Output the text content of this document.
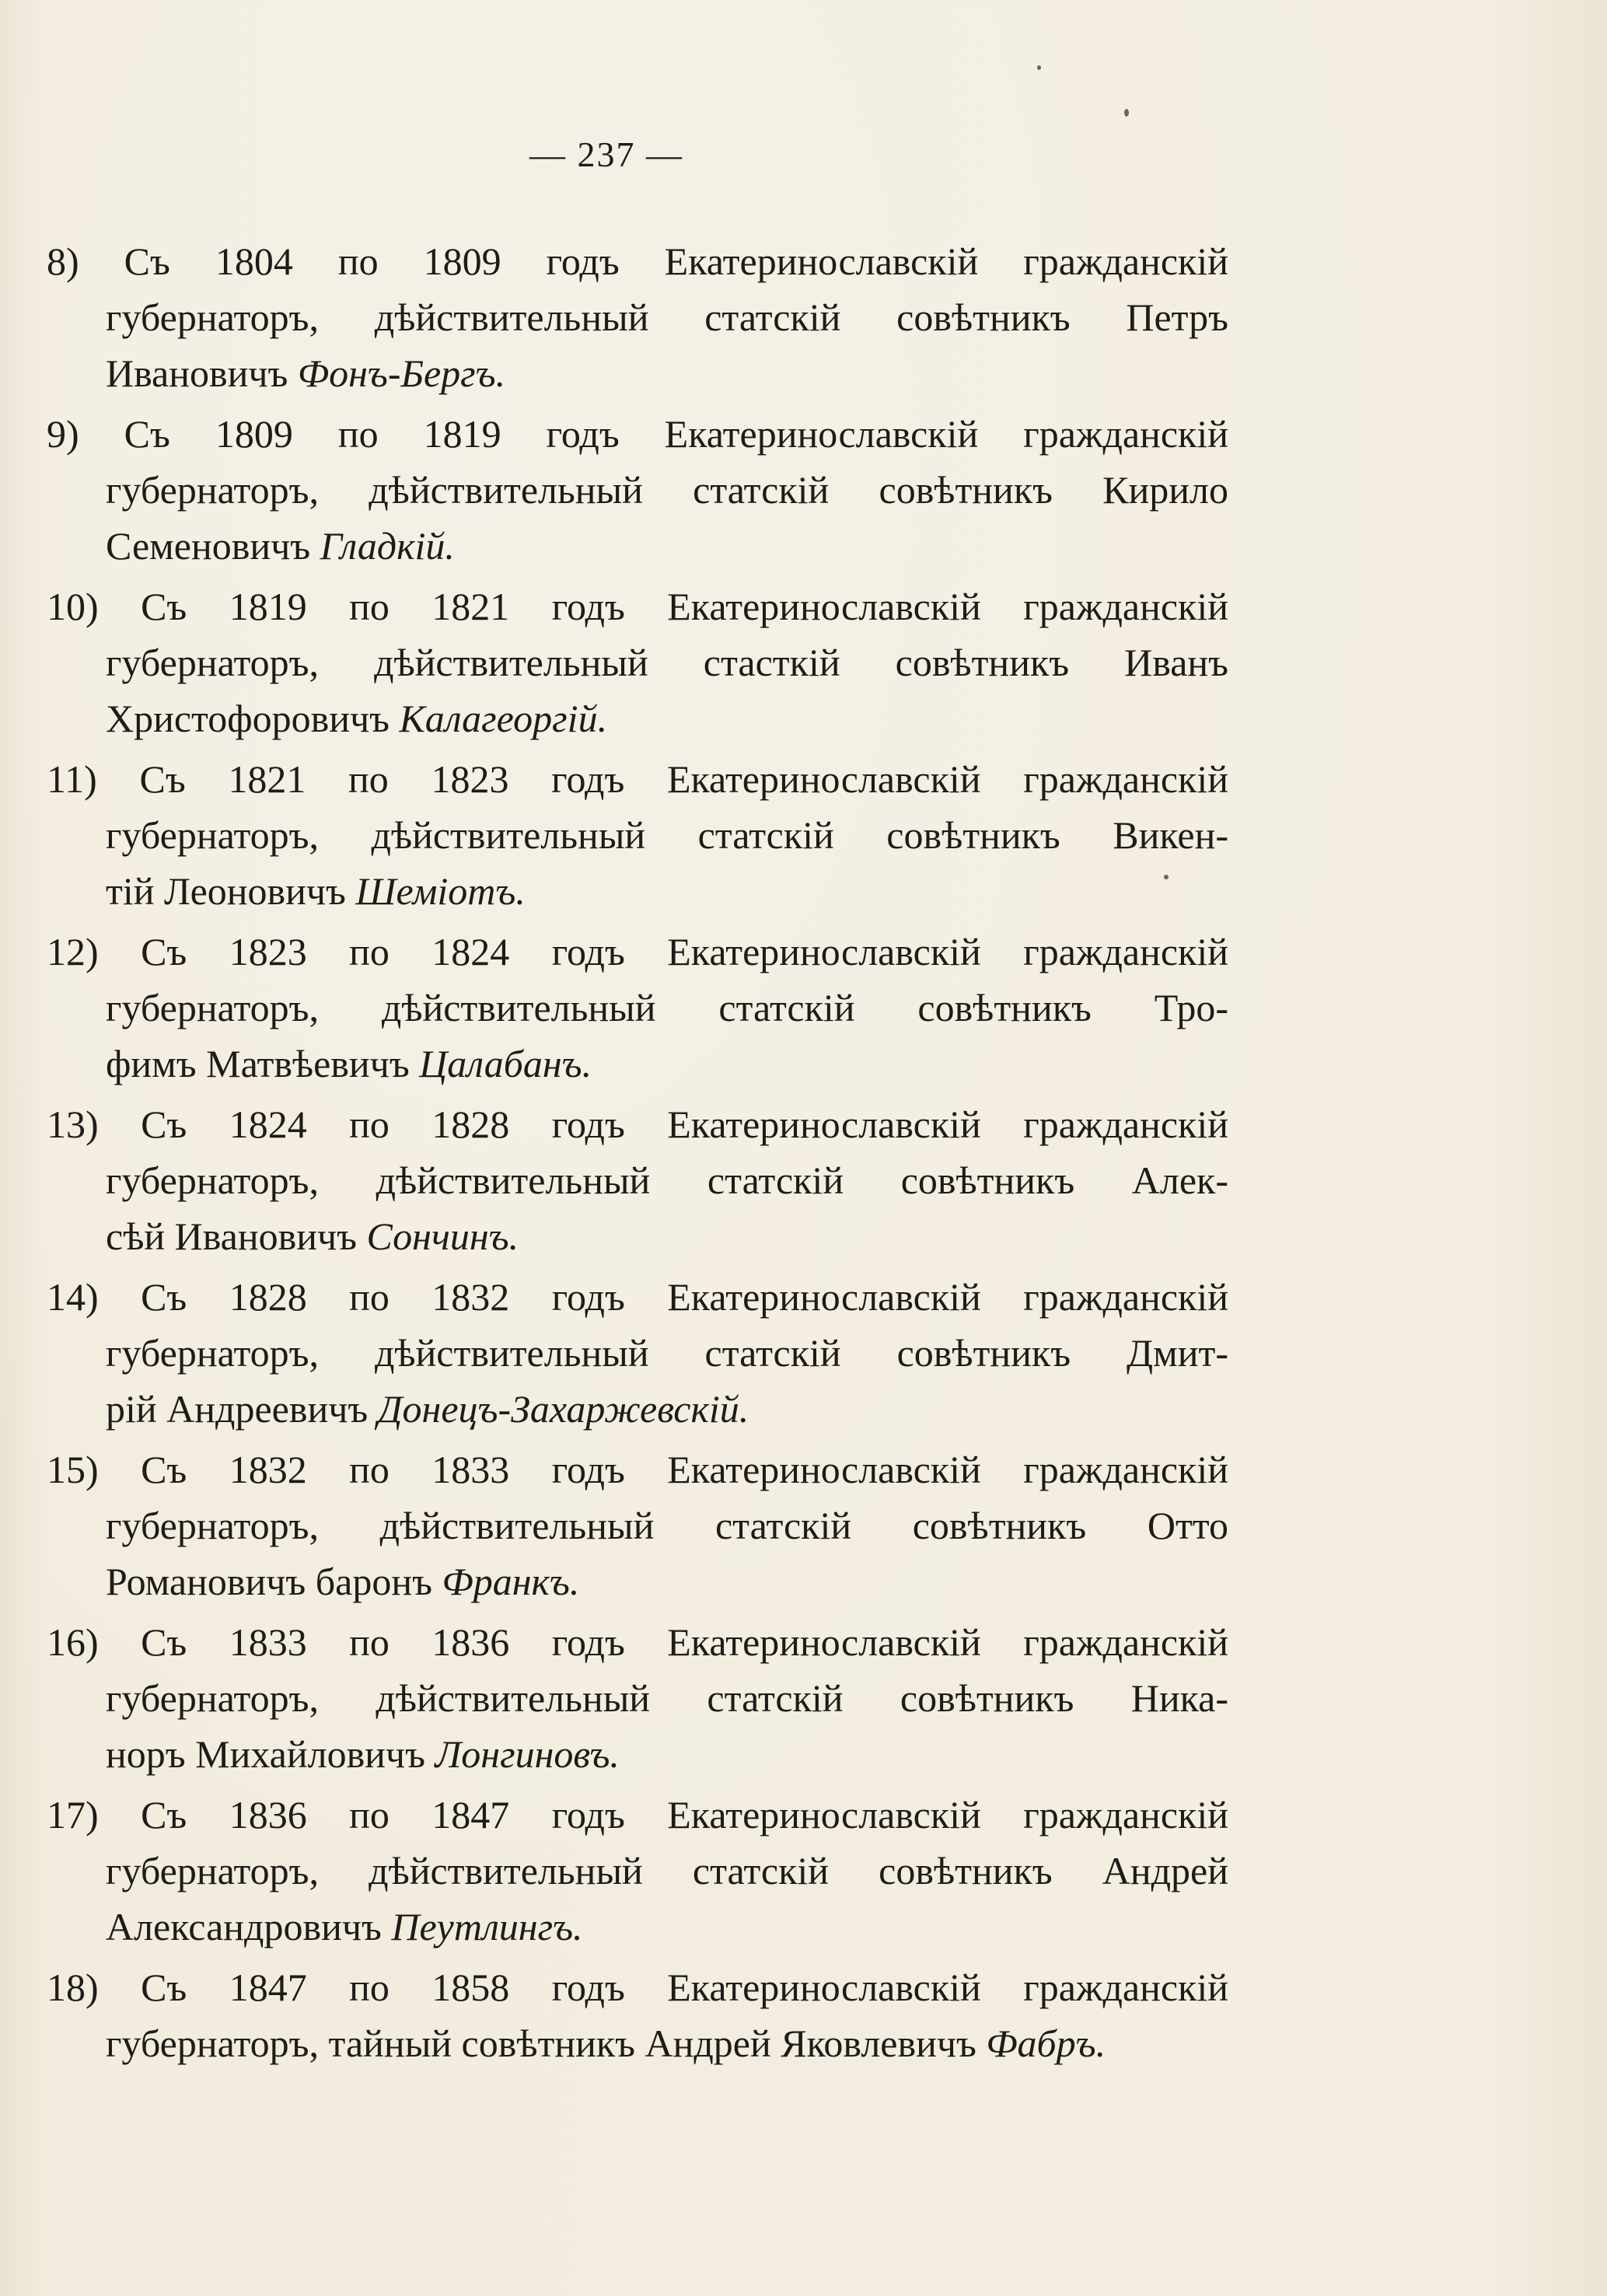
— 237 —
8) Съ 1804 по 1809 годъ Екатеринославскій гражданскій
губернаторъ, дѣйствительный статскій совѣтникъ Петръ
Ивановичъ Фонъ-Бергъ.
9) Съ 1809 по 1819 годъ Екатеринославскій гражданскій
губернаторъ, дѣйствительный статскій совѣтникъ Кирило
Семеновичъ Гладкій.
10) Съ 1819 по 1821 годъ Екатеринославскій гражданскій
губернаторъ, дѣйствительный стасткій совѣтникъ Иванъ
Христофоровичъ Калагеоргій.
11) Съ 1821 по 1823 годъ Екатеринославскій гражданскій
губернаторъ, дѣйствительный статскій совѣтникъ Викен-
тій Леоновичъ Шеміотъ.
12) Съ 1823 по 1824 годъ Екатеринославскій гражданскій
губернаторъ, дѣйствительный статскій совѣтникъ Тро-
фимъ Матвѣевичъ Цалабанъ.
13) Съ 1824 по 1828 годъ Екатеринославскій гражданскій
губернаторъ, дѣйствительный статскій совѣтникъ Алек-
сѣй Ивановичъ Сончинъ.
14) Съ 1828 по 1832 годъ Екатеринославскій гражданскій
губернаторъ, дѣйствительный статскій совѣтникъ Дмит-
рій Андреевичъ Донецъ-Захаржевскій.
15) Съ 1832 по 1833 годъ Екатеринославскій гражданскій
губернаторъ, дѣйствительный статскій совѣтникъ Отто
Романовичъ баронъ Франкъ.
16) Съ 1833 по 1836 годъ Екатеринославскій гражданскій
губернаторъ, дѣйствительный статскій совѣтникъ Ника-
норъ Михайловичъ Лонгиновъ.
17) Съ 1836 по 1847 годъ Екатеринославскій гражданскій
губернаторъ, дѣйствительный статскій совѣтникъ Андрей
Александровичъ Пеутлингъ.
18) Съ 1847 по 1858 годъ Екатеринославскій гражданскій
губернаторъ, тайный совѣтникъ Андрей Яковлевичъ Фабръ.
